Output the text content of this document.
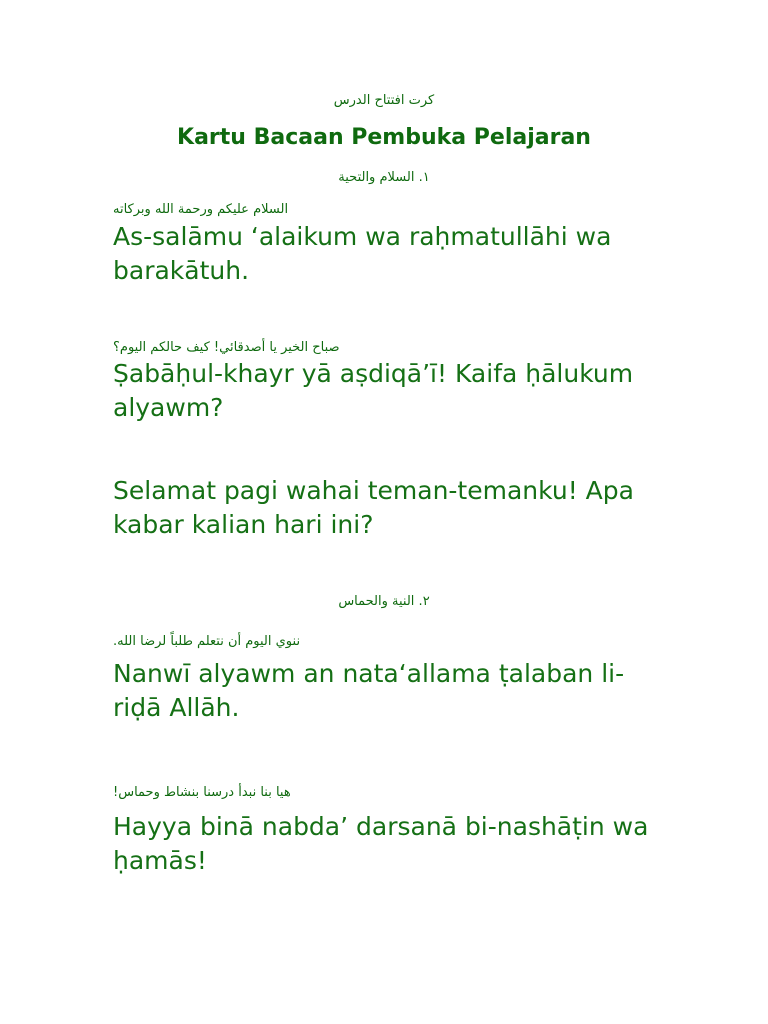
كرت افتتاح الدرس
Kartu Bacaan Pembuka Pelajaran
١. السلام والتحية
السلام عليكم ورحمة الله وبركاته
As-salāmu ‘alaikum wa raḥmatullāhi wa barakātuh.
صباح الخير يا أصدقائي! كيف حالكم اليوم؟
Ṣabāḥul-khayr yā aṣdiqā’ī! Kaifa ḥālukum alyawm?
Selamat pagi wahai teman-temanku! Apa kabar kalian hari ini?
٢. النية والحماس
ننوي اليوم أن نتعلم طلباً لرضا الله.
Nanwī alyawm an nata‘allama ṭalaban li-riḍā Allāh.
هيا بنا نبدأ درسنا بنشاط وحماس!
Hayya binā nabda’ darsanā bi-nashāṭin wa ḥamās!
